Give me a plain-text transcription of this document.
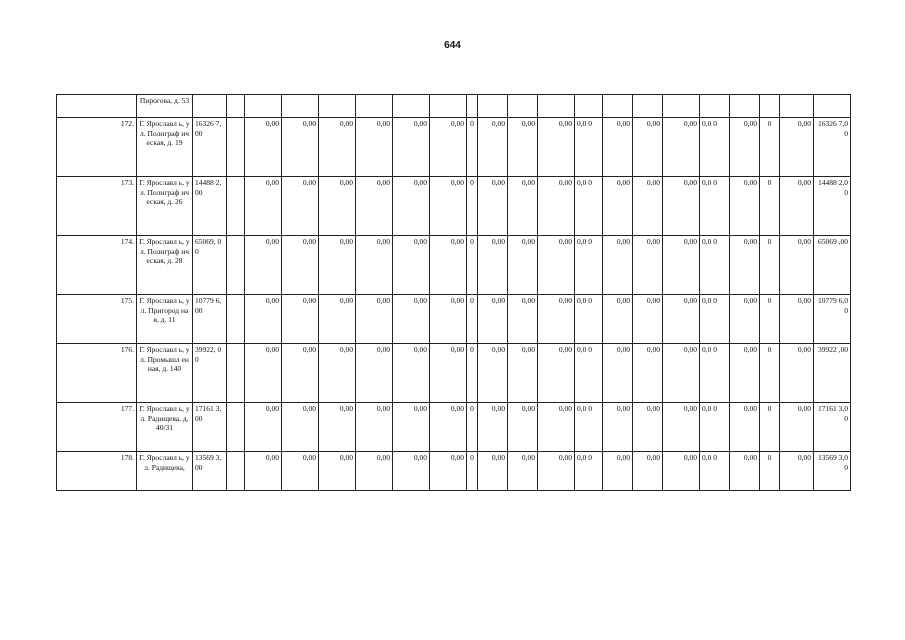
644
	Пирогова, д. 53																					
172.	Г. Ярославл ь, ул. Полиграф ическая, д. 19	16326 7,00		0,00	0,00	0,00	0,00	0,00	0,00	0	0,00	0,00	0,00	0,0 0	0,00	0,00	0,00	0,0 0	0,00	0	0,00	16326 7,00
173.	Г. Ярославл ь, ул. Полиграф ическая, д. 26	14488 2,00		0,00	0,00	0,00	0,00	0,00	0,00	0	0,00	0,00	0,00	0,0 0	0,00	0,00	0,00	0,0 0	0,00	0	0,00	14488 2,00
174.	Г. Ярославл ь, ул. Полиграф ическая, д. 28	65069, 00		0,00	0,00	0,00	0,00	0,00	0,00	0	0,00	0,00	0,00	0,0 0	0,00	0,00	0,00	0,0 0	0,00	0	0,00	65069 ,00
175.	Г. Ярославл ь, ул. Пригород ная, д. 11	10779 6,00		0,00	0,00	0,00	0,00	0,00	0,00	0	0,00	0,00	0,00	0,0 0	0,00	0,00	0,00	0,0 0	0,00	0	0,00	10779 6,00
176.	Г. Ярославл ь, ул. Промышл енная, д. 140	39922, 00		0,00	0,00	0,00	0,00	0,00	0,00	0	0,00	0,00	0,00	0,0 0	0,00	0,00	0,00	0,0 0	0,00	0	0,00	39922 ,00
177.	Г. Ярославл ь, ул. Радищева, д. 40/31	17161 3,00		0,00	0,00	0,00	0,00	0,00	0,00	0	0,00	0,00	0,00	0,0 0	0,00	0,00	0,00	0,0 0	0,00	0	0,00	17161 3,00
178.	Г. Ярославл ь, ул. Радищева,	13569 3,00		0,00	0,00	0,00	0,00	0,00	0,00	0	0,00	0,00	0,00	0,0 0	0,00	0,00	0,00	0,0 0	0,00	0	0,00	13569 3,00
